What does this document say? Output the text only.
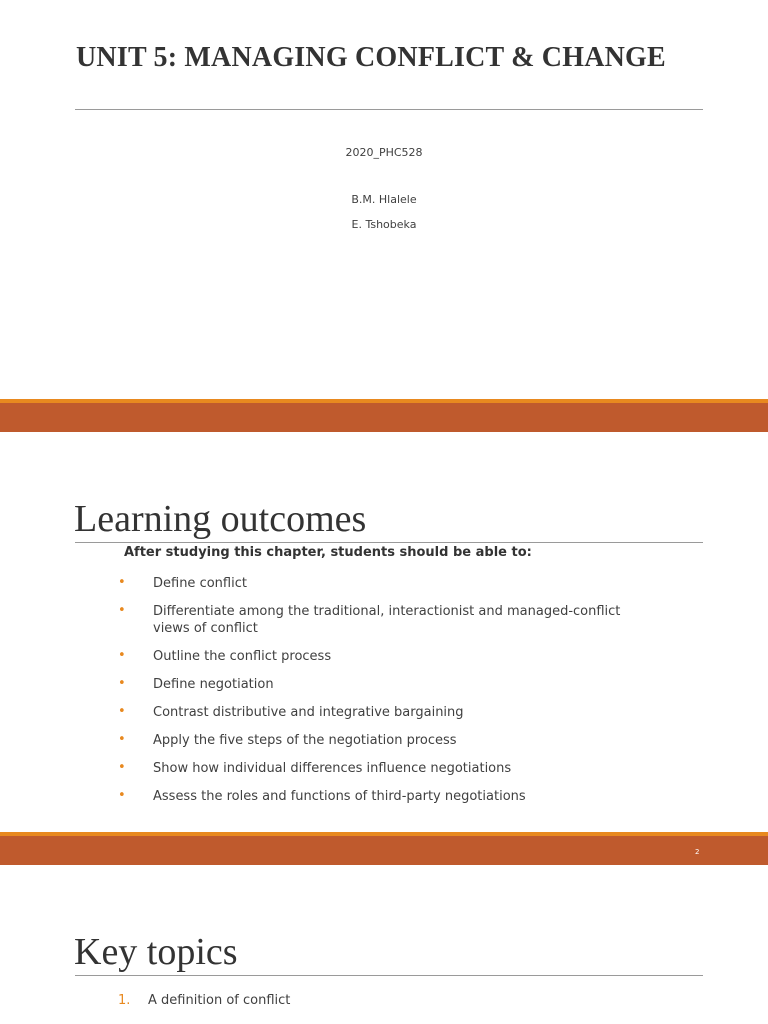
UNIT 5: MANAGING CONFLICT & CHANGE
2020_PHC528
B.M. Hlalele
E. Tshobeka
Learning outcomes
After studying this chapter, students should be able to:
• Define conflict
• Differentiate among the traditional, interactionist and managed-conflict views of conflict
• Outline the conflict process
• Define negotiation
• Contrast distributive and integrative bargaining
• Apply the five steps of the negotiation process
• Show how individual differences influence negotiations
• Assess the roles and functions of third-party negotiations
2
Key topics
1. A definition of conflict
